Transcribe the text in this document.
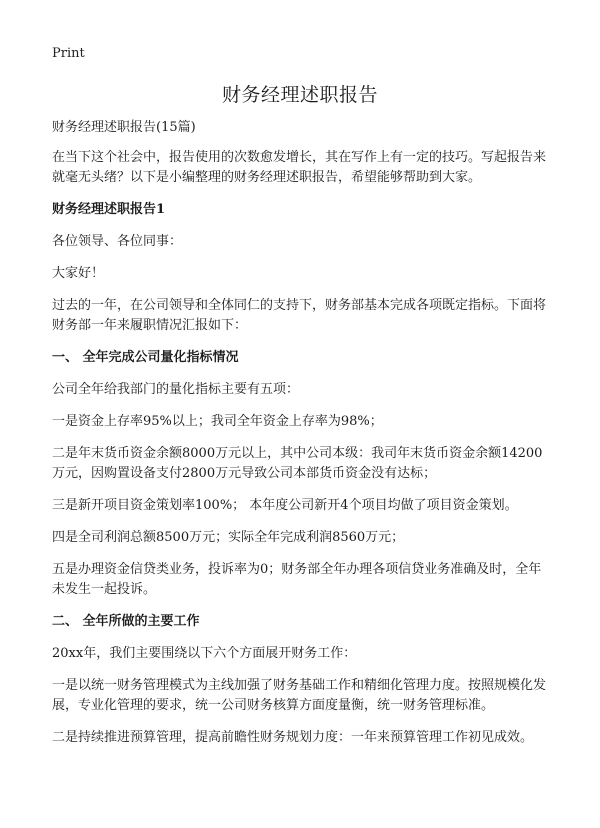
Print
财务经理述职报告

财务经理述职报告(15篇)

在当下这个社会中，报告使用的次数愈发增长，其在写作上有一定的技巧。写起报告来就毫无头绪？以下是小编整理的财务经理述职报告，希望能够帮助到大家。

财务经理述职报告1

各位领导、各位同事：

大家好！

过去的一年，在公司领导和全体同仁的支持下，财务部基本完成各项既定指标。下面将财务部一年来履职情况汇报如下：

一、 全年完成公司量化指标情况

公司全年给我部门的量化指标主要有五项：

一是资金上存率95%以上；我司全年资金上存率为98%；

二是年末货币资金余额8000万元以上，其中公司本级：我司年末货币资金余额14200万元，因购置设备支付2800万元导致公司本部货币资金没有达标；

三是新开项目资金策划率100%； 本年度公司新开4个项目均做了项目资金策划。

四是全司利润总额8500万元；实际全年完成利润8560万元；

五是办理资金信贷类业务，投诉率为0；财务部全年办理各项信贷业务准确及时，全年未发生一起投诉。

二、 全年所做的主要工作

20xx年，我们主要围绕以下六个方面展开财务工作：

一是以统一财务管理模式为主线加强了财务基础工作和精细化管理力度。按照规模化发展，专业化管理的要求，统一公司财务核算方面度量衡，统一财务管理标准。

二是持续推进预算管理，提高前瞻性财务规划力度：一年来预算管理工作初见成效。
